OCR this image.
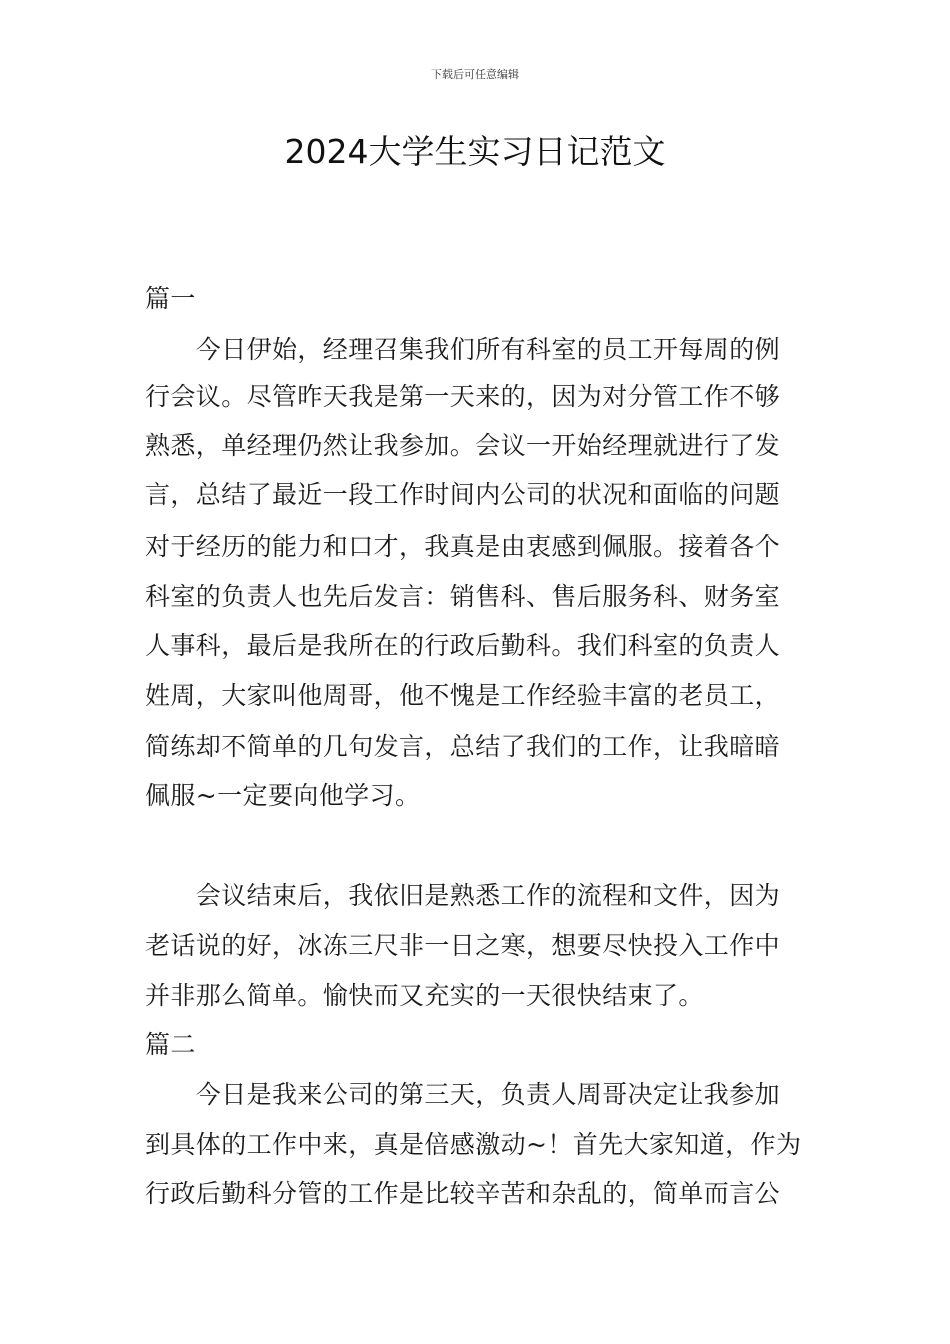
下载后可任意编辑
2024大学生实习日记范文
篇一
　　今日伊始，经理召集我们所有科室的员工开每周的例
行会议。尽管昨天我是第一天来的，因为对分管工作不够
熟悉，单经理仍然让我参加。会议一开始经理就进行了发
言，总结了最近一段工作时间内公司的状况和面临的问题
对于经历的能力和口才，我真是由衷感到佩服。接着各个
科室的负责人也先后发言：销售科、售后服务科、财务室
人事科，最后是我所在的行政后勤科。我们科室的负责人
姓周，大家叫他周哥，他不愧是工作经验丰富的老员工，
简练却不简单的几句发言，总结了我们的工作，让我暗暗
佩服~一定要向他学习。
　　会议结束后，我依旧是熟悉工作的流程和文件，因为
老话说的好，冰冻三尺非一日之寒，想要尽快投入工作中
并非那么简单。愉快而又充实的一天很快结束了。
篇二
　　今日是我来公司的第三天，负责人周哥决定让我参加
到具体的工作中来，真是倍感激动~！首先大家知道，作为
行政后勤科分管的工作是比较辛苦和杂乱的，简单而言公
